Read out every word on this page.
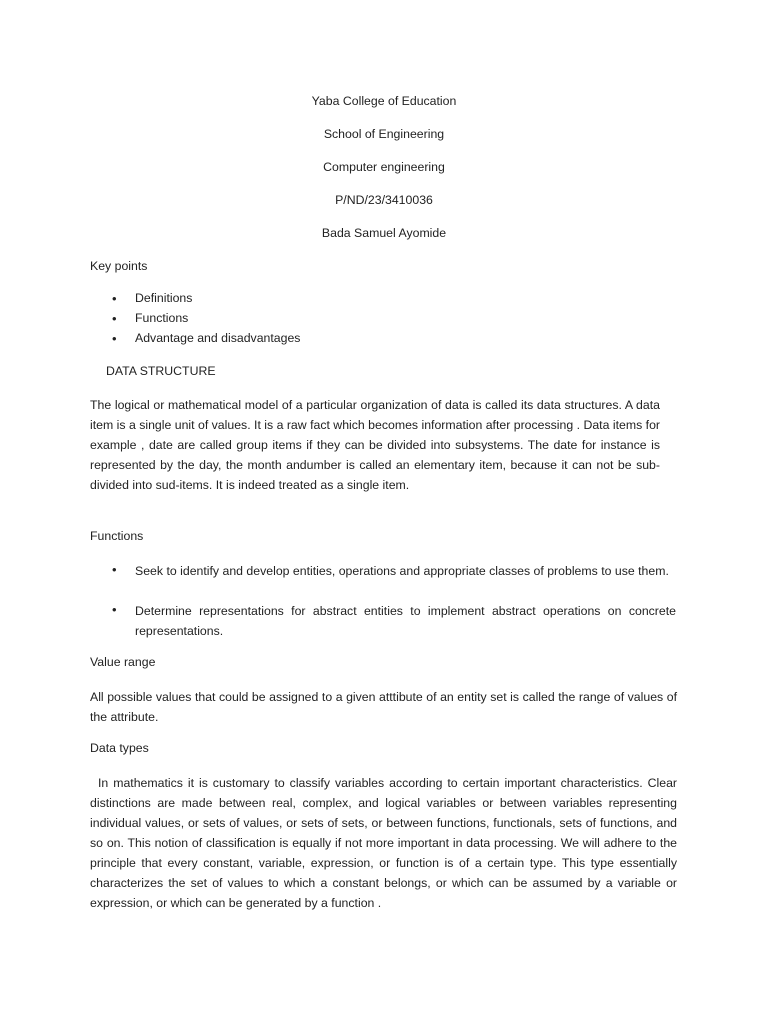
Yaba College of Education
School of Engineering
Computer engineering
P/ND/23/3410036
Bada Samuel Ayomide
Key points
• Definitions
• Functions
• Advantage and disadvantages
DATA STRUCTURE
The logical or mathematical model of a particular organization of data is called its data structures. A data item is a single unit of values. It is a raw fact which becomes information after processing . Data items for example , date are called group items if they can be divided into subsystems. The date for instance is represented by the day, the month andumber is called an elementary item, because it can not be sub-divided into sud-items. It is indeed treated as a single item.
Functions
• Seek to identify and develop entities, operations and appropriate classes of problems to use them.
• Determine representations for abstract entities to implement abstract operations on concrete representations.
Value range
All possible values that could be assigned to a given atttibute of an entity set is called the range of values of the attribute.
Data types
In mathematics it is customary to classify variables according to certain important characteristics. Clear distinctions are made between real, complex, and logical variables or between variables representing individual values, or sets of values, or sets of sets, or between functions, functionals, sets of functions, and so on. This notion of classification is equally if not more important in data processing. We will adhere to the principle that every constant, variable, expression, or function is of a certain type. This type essentially characterizes the set of values to which a constant belongs, or which can be assumed by a variable or expression, or which can be generated by a function .
